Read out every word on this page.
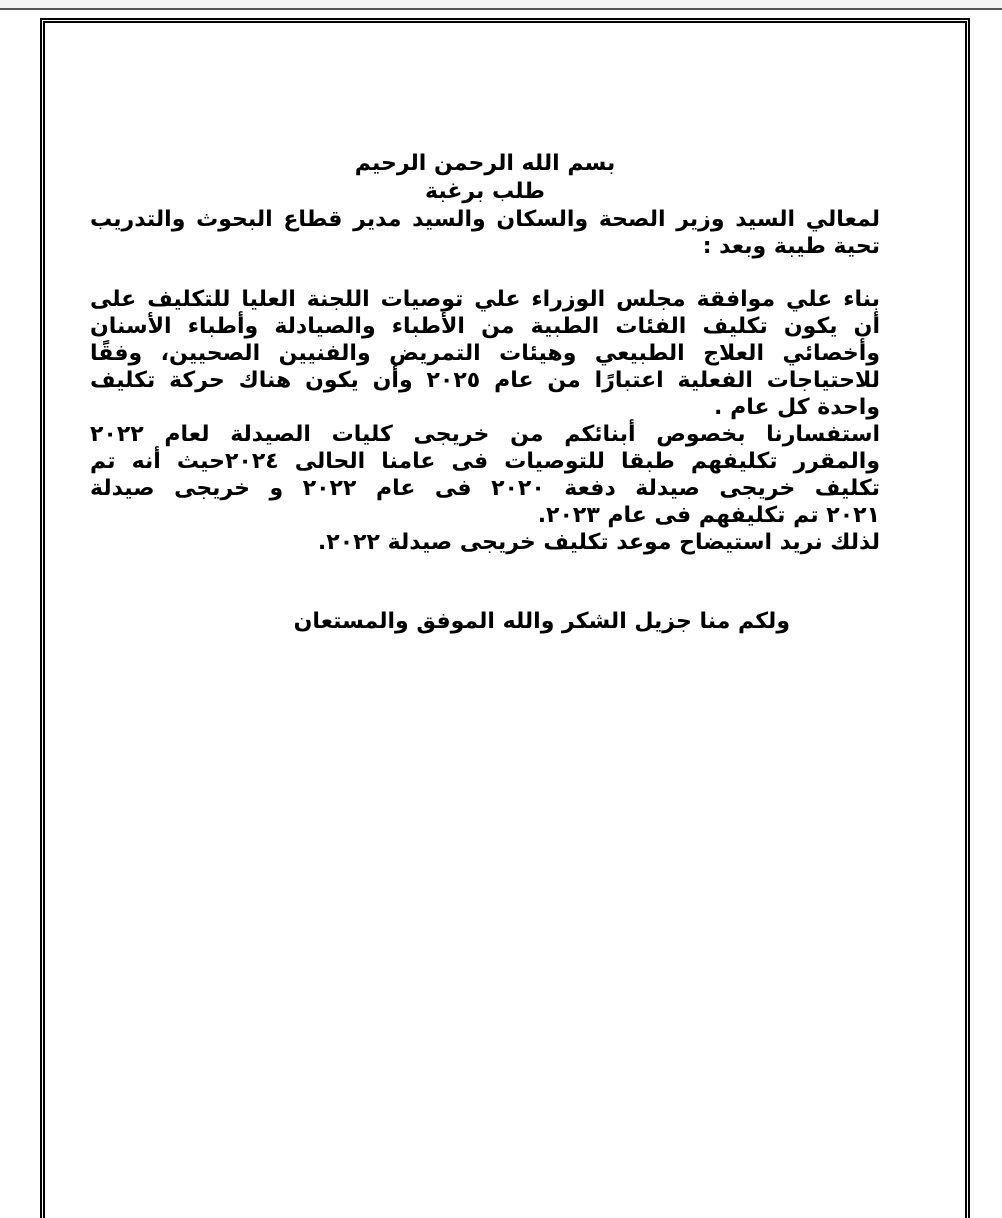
بسم الله الرحمن الرحيم
طلب برغبة
لمعالي السيد وزير الصحة والسكان والسيد مدير قطاع البحوث والتدريب
تحية طيبة وبعد :
بناء علي موافقة مجلس الوزراء علي توصيات اللجنة العليا للتكليف على
أن يكون تكليف الفئات الطبية من الأطباء والصيادلة وأطباء الأسنان
وأخصائي العلاج الطبيعي وهيئات التمريض والفنيين الصحيين، وفقًا
للاحتياجات الفعلية اعتبارًا من عام ٢٠٢٥ وأن يكون هناك حركة تكليف
واحدة كل عام .
استفسارنا بخصوص أبنائكم من خريجى كليات الصيدلة لعام ٢٠٢٢
والمقرر تكليفهم طبقا للتوصيات فى عامنا الحالى ٢٠٢٤حيث أنه تم
تكليف خريجى صيدلة دفعة ٢٠٢٠ فى عام ٢٠٢٢ و خريجى صيدلة
٢٠٢١ تم تكليفهم فى عام ٢٠٢٣.
لذلك نريد استيضاح موعد تكليف خريجى صيدلة ٢٠٢٢.
ولكم منا جزيل الشكر والله الموفق والمستعان
